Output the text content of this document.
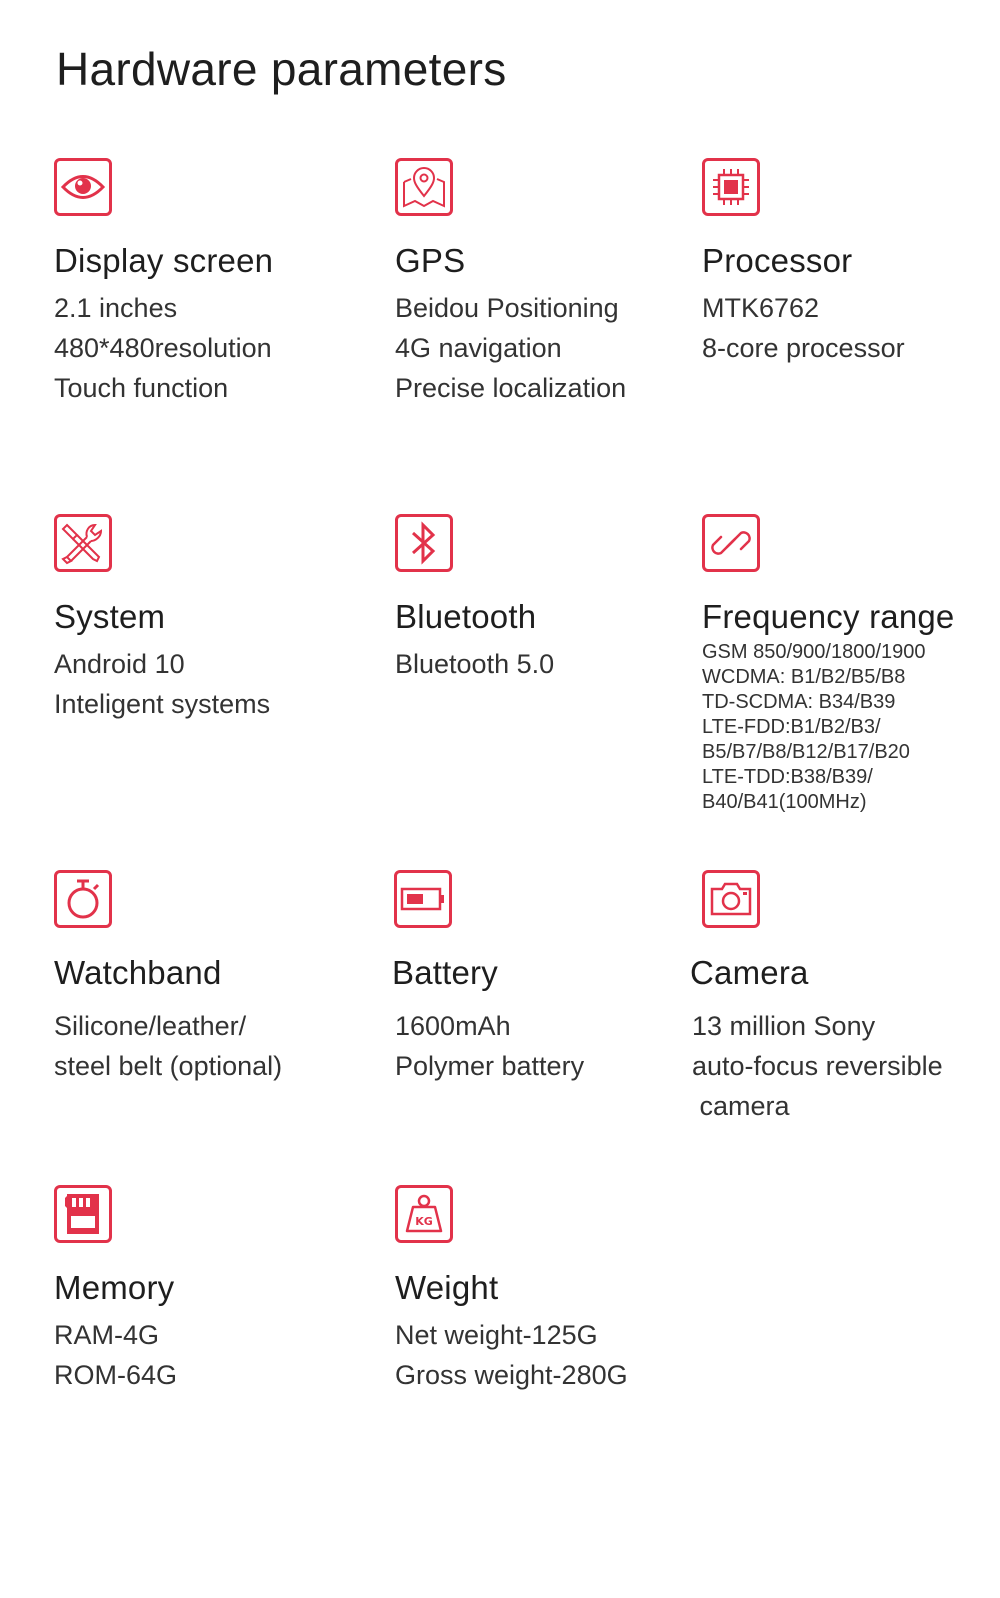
Hardware parameters
Display screen
2.1 inches
480*480resolution
Touch function
GPS
Beidou Positioning
4G navigation
Precise localization
Processor
MTK6762
8-core processor
System
Android 10
Inteligent systems
Bluetooth
Bluetooth 5.0
Frequency range
GSM 850/900/1800/1900
WCDMA: B1/B2/B5/B8
TD-SCDMA: B34/B39
LTE-FDD:B1/B2/B3/
B5/B7/B8/B12/B17/B20
LTE-TDD:B38/B39/
B40/B41(100MHz)
Watchband
Silicone/leather/
steel belt (optional)
Battery
1600mAh
Polymer battery
Camera
13 million Sony
auto-focus reversible
camera
Memory
RAM-4G
ROM-64G
KG
Weight
Net weight-125G
Gross weight-280G
